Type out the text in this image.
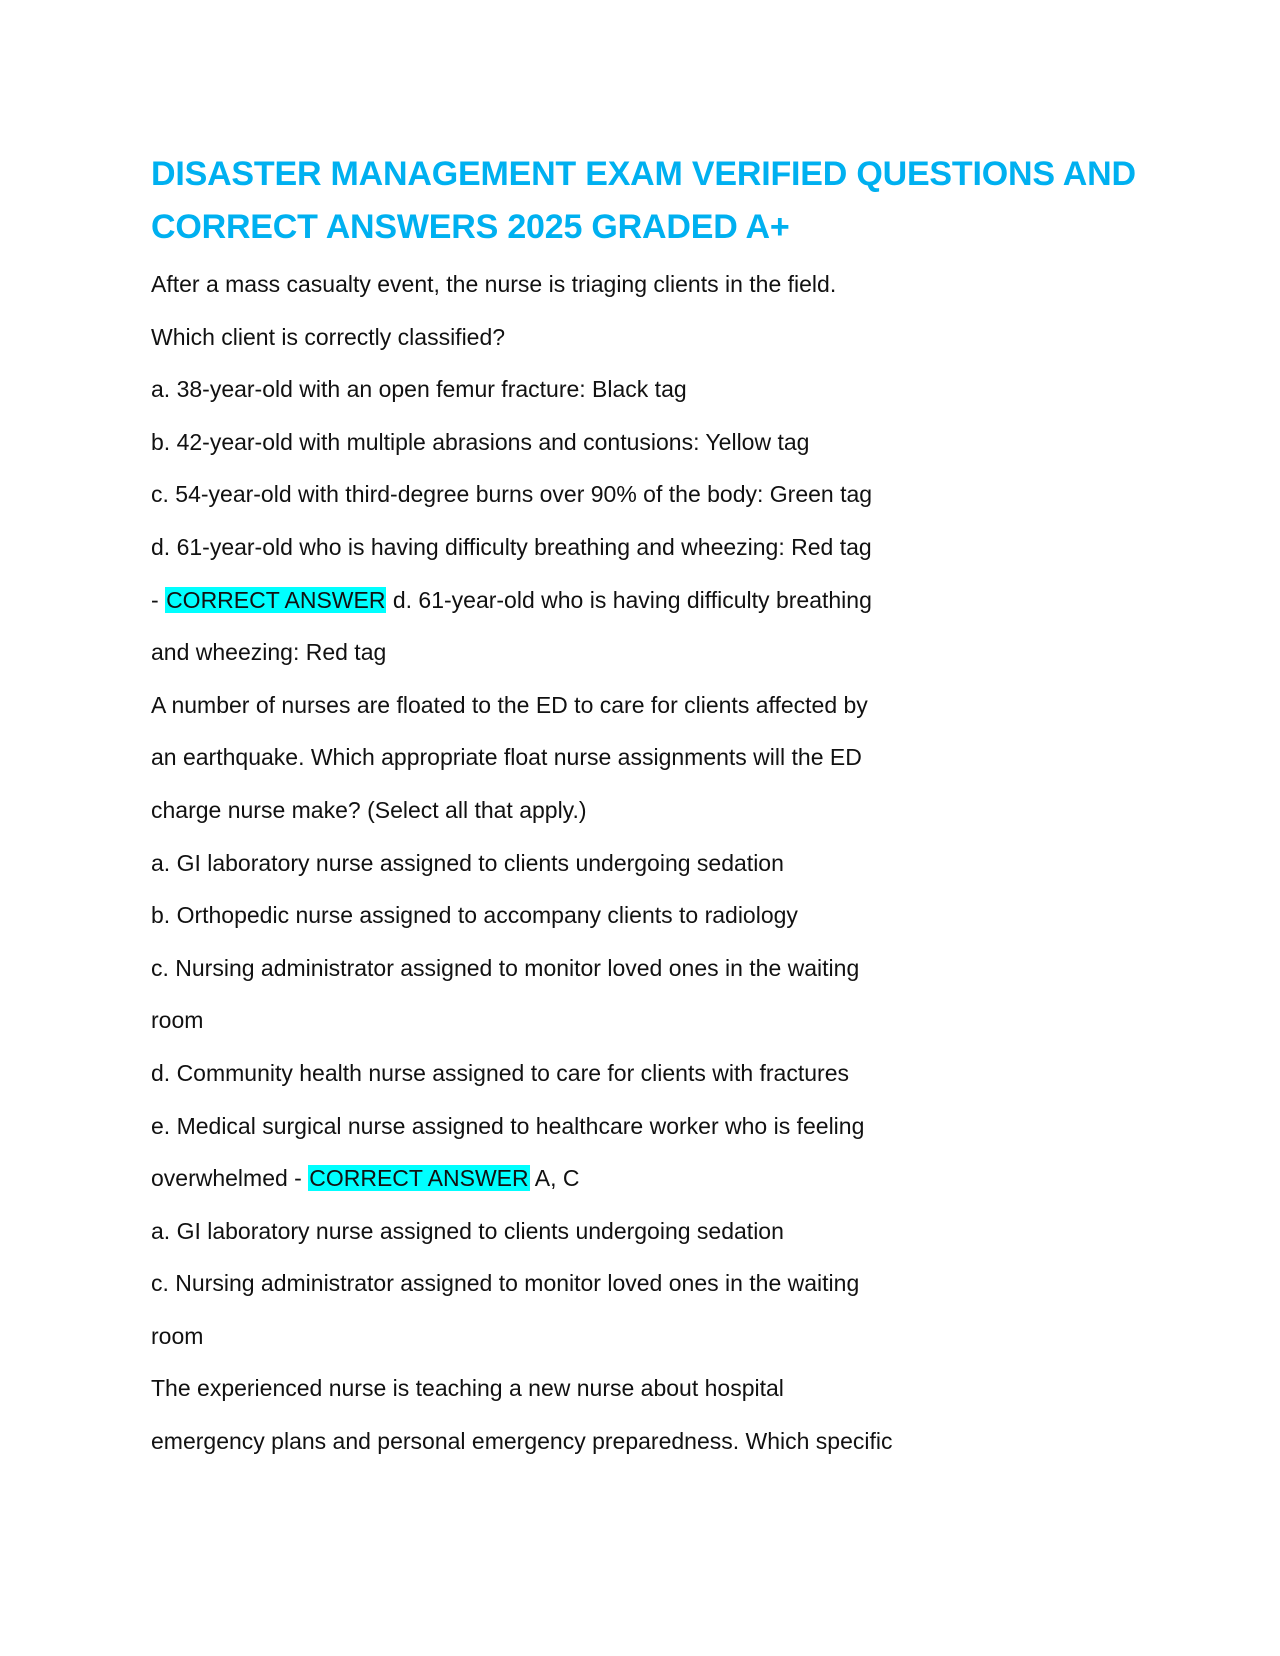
DISASTER MANAGEMENT EXAM VERIFIED QUESTIONS AND
CORRECT ANSWERS 2025 GRADED A+

After a mass casualty event, the nurse is triaging clients in the field.

Which client is correctly classified?

a. 38-year-old with an open femur fracture: Black tag

b. 42-year-old with multiple abrasions and contusions: Yellow tag

c. 54-year-old with third-degree burns over 90% of the body: Green tag

d. 61-year-old who is having difficulty breathing and wheezing: Red tag

- CORRECT ANSWER d. 61-year-old who is having difficulty breathing

and wheezing: Red tag

A number of nurses are floated to the ED to care for clients affected by

an earthquake. Which appropriate float nurse assignments will the ED

charge nurse make? (Select all that apply.)

a. GI laboratory nurse assigned to clients undergoing sedation

b. Orthopedic nurse assigned to accompany clients to radiology

c. Nursing administrator assigned to monitor loved ones in the waiting

room

d. Community health nurse assigned to care for clients with fractures

e. Medical surgical nurse assigned to healthcare worker who is feeling

overwhelmed - CORRECT ANSWER A, C

a. GI laboratory nurse assigned to clients undergoing sedation

c. Nursing administrator assigned to monitor loved ones in the waiting

room

The experienced nurse is teaching a new nurse about hospital

emergency plans and personal emergency preparedness. Which specific
